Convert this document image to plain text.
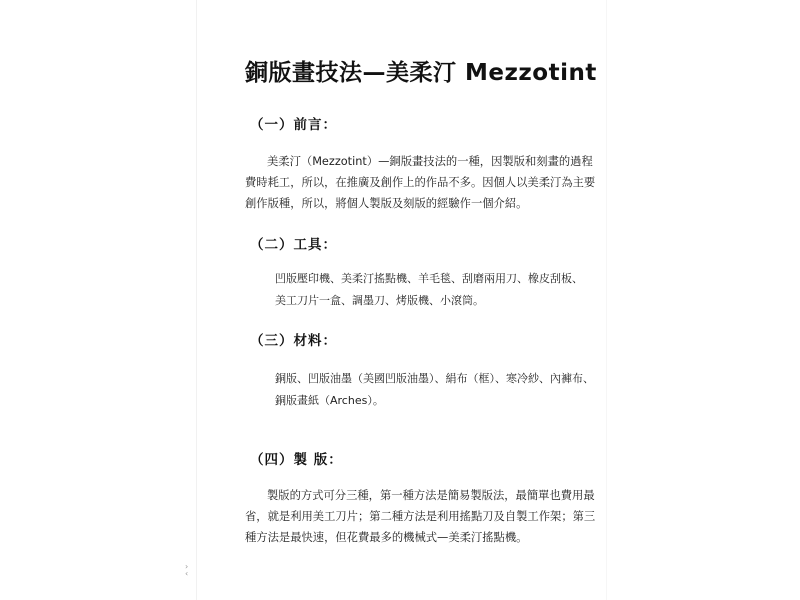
銅版畫技法—美柔汀 Mezzotint
（一）前言：
美柔汀（Mezzotint）—銅版畫技法的一種，因製版和刻畫的過程
費時耗工，所以，在推廣及創作上的作品不多。因個人以美柔汀為主要
創作版種，所以，將個人製版及刻版的經驗作一個介紹。
（二）工具：
凹版壓印機、美柔汀搖點機、羊毛毯、刮磨兩用刀、橡皮刮板、
美工刀片一盒、調墨刀、烤版機、小滾筒。
（三）材料：
銅版、凹版油墨（美國凹版油墨）、絹布（框）、寒冷紗、內褲布、
銅版畫紙（Arches）。
（四）製 版：
製版的方式可分三種，第一種方法是簡易製版法，最簡單也費用最
省，就是利用美工刀片；第二種方法是利用搖點刀及自製工作架；第三
種方法是最快速，但花費最多的機械式—美柔汀搖點機。
›
‹
